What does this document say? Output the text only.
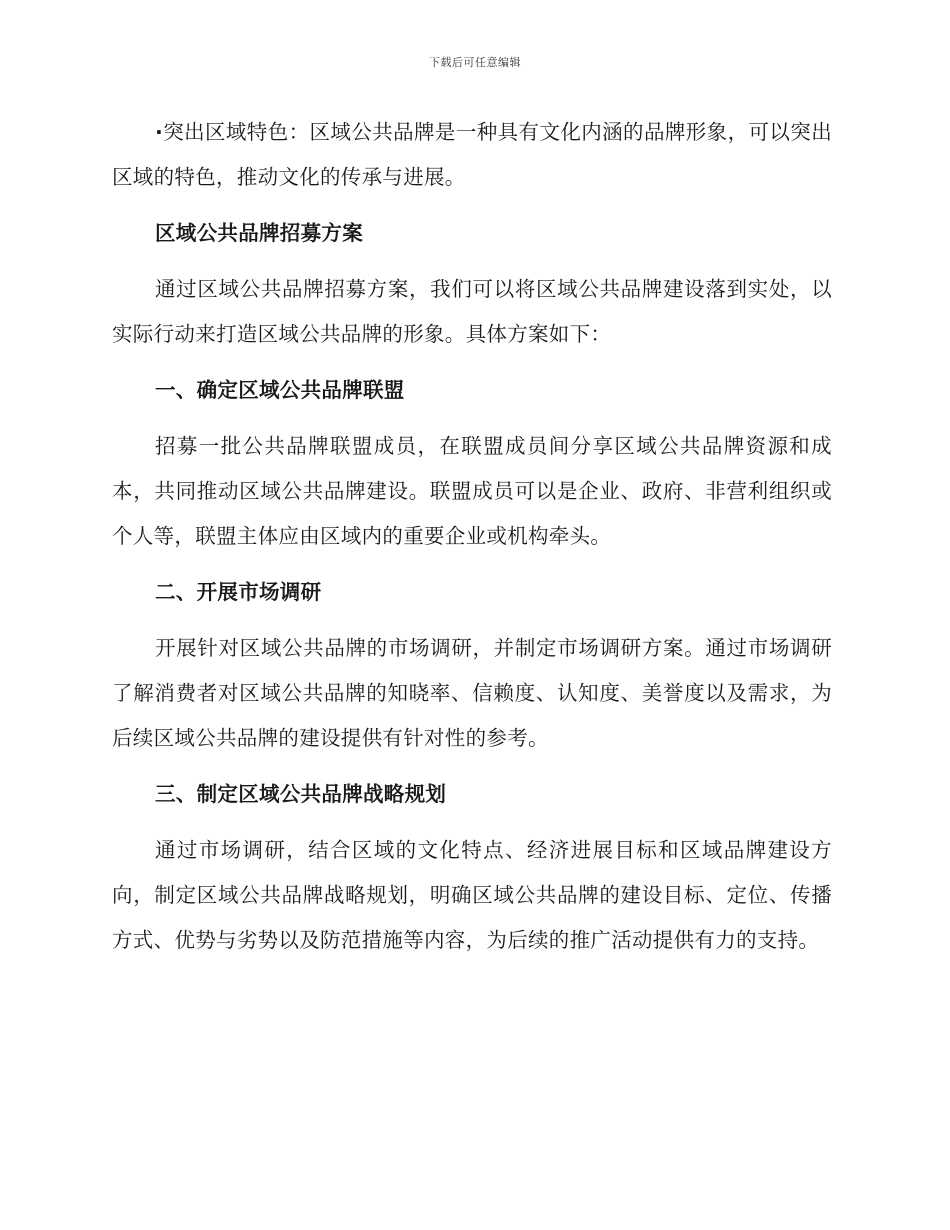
下载后可任意编辑

·突出区域特色：区域公共品牌是一种具有文化内涵的品牌形象，可以突出区域的特色，推动文化的传承与进展。

区域公共品牌招募方案

通过区域公共品牌招募方案，我们可以将区域公共品牌建设落到实处，以实际行动来打造区域公共品牌的形象。具体方案如下：

一、确定区域公共品牌联盟

招募一批公共品牌联盟成员，在联盟成员间分享区域公共品牌资源和成本，共同推动区域公共品牌建设。联盟成员可以是企业、政府、非营利组织或个人等，联盟主体应由区域内的重要企业或机构牵头。

二、开展市场调研

开展针对区域公共品牌的市场调研，并制定市场调研方案。通过市场调研了解消费者对区域公共品牌的知晓率、信赖度、认知度、美誉度以及需求，为后续区域公共品牌的建设提供有针对性的参考。

三、制定区域公共品牌战略规划

通过市场调研，结合区域的文化特点、经济进展目标和区域品牌建设方向，制定区域公共品牌战略规划，明确区域公共品牌的建设目标、定位、传播方式、优势与劣势以及防范措施等内容，为后续的推广活动提供有力的支持。
